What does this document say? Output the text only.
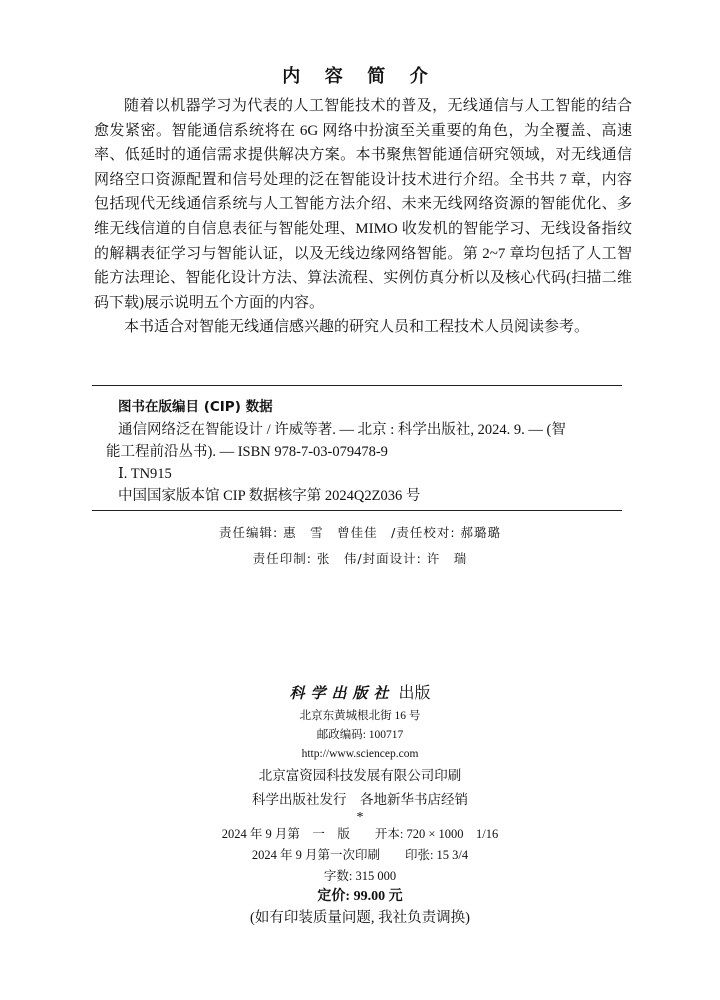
内 容 简 介

随着以机器学习为代表的人工智能技术的普及，无线通信与人工智能的结合愈发紧密。智能通信系统将在 6G 网络中扮演至关重要的角色，为全覆盖、高速率、低延时的通信需求提供解决方案。本书聚焦智能通信研究领域，对无线通信网络空口资源配置和信号处理的泛在智能设计技术进行介绍。全书共 7 章，内容包括现代无线通信系统与人工智能方法介绍、未来无线网络资源的智能优化、多维无线信道的自信息表征与智能处理、MIMO 收发机的智能学习、无线设备指纹的解耦表征学习与智能认证，以及无线边缘网络智能。第 2~7 章均包括了人工智能方法理论、智能化设计方法、算法流程、实例仿真分析以及核心代码(扫描二维码下载)展示说明五个方面的内容。

本书适合对智能无线通信感兴趣的研究人员和工程技术人员阅读参考。

图书在版编目 (CIP) 数据
通信网络泛在智能设计 / 许威等著. –– 北京 : 科学出版社, 2024. 9. –– (智
能工程前沿丛书). –– ISBN 978-7-03-079478-9
Ⅰ. TN915
中国国家版本馆 CIP 数据核字第 2024Q2Z036 号
责任编辑: 惠　雪　曾佳佳　/责任校对: 郝璐璐
责任印制: 张　伟/封面设计: 许　瑞
科学出版社 出版
北京东黄城根北街 16 号
邮政编码: 100717
http://www.sciencep.com
北京富资园科技发展有限公司印刷
科学出版社发行　各地新华书店经销
*
2024 年 9 月第　一　版　　开本: 720 × 1000　1/16
2024 年 9 月第一次印刷　　印张: 15 3/4
字数: 315 000
定价: 99.00 元
(如有印装质量问题, 我社负责调换)
